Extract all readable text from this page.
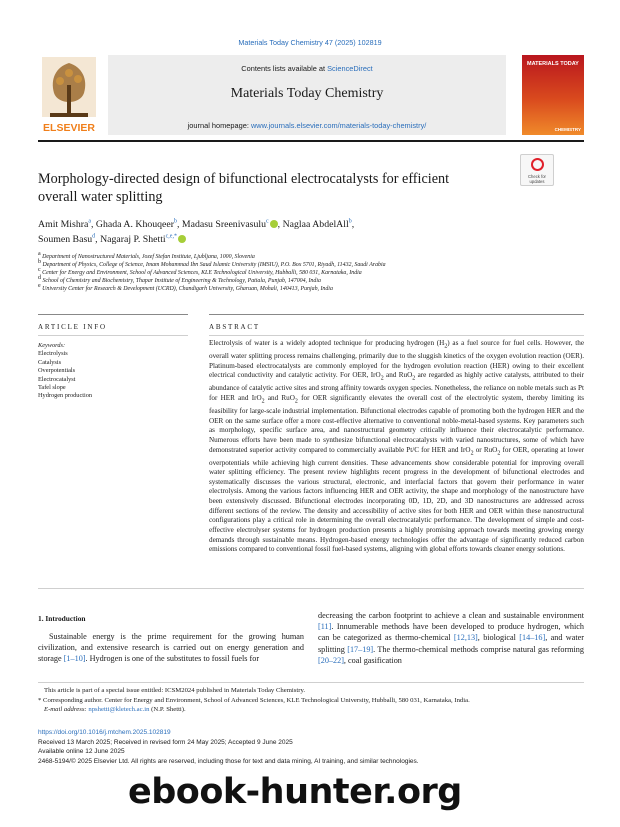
Materials Today Chemistry 47 (2025) 102819
ELSEVIER
Contents lists available at ScienceDirect
Materials Today Chemistry
journal homepage: www.journals.elsevier.com/materials-today-chemistry/
MATERIALS TODAY
CHEMISTRY
Morphology-directed design of bifunctional electrocatalysts for efficient
overall water splitting
Check for updates
Amit Mishra$^a$, Ghada A. Khouqeer$^b$, Madasu Sreenivasulu$^c$ , Naglaa AbdelAll$^b$,
Soumen Basu$^d$, Nagaraj P. Shetti$^{c,e,*}$
$^a$ Department of Nanostructured Materials, Jozef Stefan Institute, Ljubljana, 1000, Slovenia
$^b$ Department of Physics, College of Science, Imam Mohammad Ibn Saud Islamic University (IMSIU), P.O. Box 5701, Riyadh, 11432, Saudi Arabia
$^c$ Center for Energy and Environment, School of Advanced Sciences, KLE Technological University, Hubballi, 580 031, Karnataka, India
$^d$ School of Chemistry and Biochemistry, Thapar Institute of Engineering & Technology, Patiala, Punjab, 147004, India
$^e$ University Center for Research & Development (UCRD), Chandigarh University, Gharuan, Mohali, 140413, Punjab, India
ARTICLE INFO	ABSTRACT
Keywords:
Electrolysis
Catalysis
Overpotentials
Electrocatalyst
Tafel slope
Hydrogen production
Electrolysis of water is a widely adopted technique for producing hydrogen $(H_2)$ as a fuel source for fuel cells. However, the overall water splitting process remains challenging, primarily due to the sluggish kinetics of the oxygen evolution reaction (OER). Platinum-based electrocatalysts are commonly employed for the hydrogen evolution reaction (HER) owing to their excellent electrical conductivity and catalytic activity. For OER, IrO$_2$ and RuO$_2$ are regarded as highly active catalysts, attributed to their abundance of catalytic active sites and strong affinity towards oxygen species. Nonetheless, the reliance on noble metals such as Pt for HER and IrO$_2$ and RuO$_2$ for OER significantly elevates the overall cost of the electrolytic system, thereby limiting its feasibility for large-scale industrial implementation. Bifunctional electrodes capable of promoting both the hydrogen HER and the OER on the same surface offer a more cost-effective alternative to conventional noble-metal-based systems. Key parameters such as morphology, specific surface area, and nanostructural geometry critically influence their electrocatalytic performance. Numerous efforts have been made to synthesize bifunctional electrocatalysts with varied nanostructures, some of which have demonstrated superior activity compared to commercially available Pt/C for HER and IrO$_2$ or RuO$_2$ for OER, operating at lower overpotentials while achieving high current densities. These advancements show considerable potential for improving overall water splitting efficiency. The present review highlights recent progress in the development of bifunctional electrodes and systematically discusses the various structural, electronic, and interfacial factors that govern their performance in water electrolysis. Among the various factors influencing HER and OER activity, the shape and morphology of the nanostructure have been extensively discussed. Bifunctional electrodes incorporating 0D, 1D, 2D, and 3D nanostructures are addressed across different sections of the review. The density and accessibility of active sites for both HER and OER within these nanostructural configurations play a critical role in determining the overall electrocatalytic performance. The development of simple and cost-effective electrolyser systems for hydrogen production presents a highly promising approach towards meeting growing energy demands through sustainable means. Hydrogen-based energy technologies offer the advantage of significantly reduced carbon emissions compared to conventional fossil fuel-based systems, aligning with global efforts towards cleaner energy solutions.
1. Introduction
Sustainable energy is the prime requirement for the growing human civilization, and extensive research is carried out on energy generation and storage [1–10]. Hydrogen is one of the substitutes to fossil fuels for
decreasing the carbon footprint to achieve a clean and sustainable environment [11]. Innumerable methods have been developed to produce hydrogen, which can be categorized as thermo-chemical [12,13], biological [14–16], and water splitting [17–19]. The thermo-chemical methods comprise natural gas reforming [20–22], coal gasification
This article is part of a special issue entitled: ICSM2024 published in Materials Today Chemistry.
* Corresponding author. Center for Energy and Environment, School of Advanced Sciences, KLE Technological University, Hubballi, 580 031, Karnataka, India.
E-mail address: npshetti@kletech.ac.in (N.P. Shetti).
https://doi.org/10.1016/j.mtchem.2025.102819
Received 13 March 2025; Received in revised form 24 May 2025; Accepted 9 June 2025
Available online 12 June 2025
2468-5194/© 2025 Elsevier Ltd. All rights are reserved, including those for text and data mining, AI training, and similar technologies.
ebook-hunter.org
